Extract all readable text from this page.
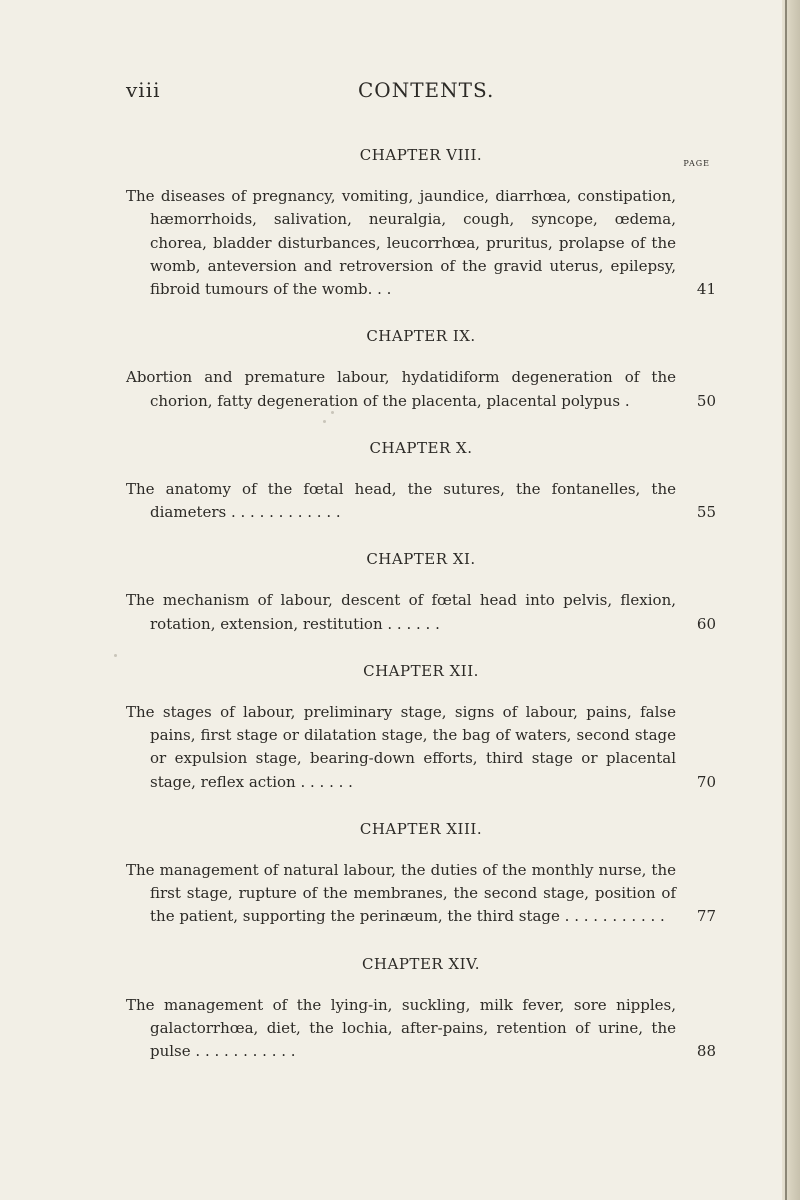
viii	CONTENTS.
PAGE
CHAPTER VIII.
The diseases of pregnancy, vomiting, jaundice, diarrhœa, constipation, hæmorrhoids, salivation, neuralgia, cough, syncope, œdema, chorea, bladder disturbances, leucorrhœa, pruritus, prolapse of the womb, anteversion and retroversion of the gravid uterus, epilepsy, fibroid tumours of the womb. . .	41
CHAPTER IX.
Abortion and premature labour, hydatidiform degeneration of the chorion, fatty degeneration of the placenta, placental polypus .	50
CHAPTER X.
The anatomy of the fœtal head, the sutures, the fontanelles, the diameters . . . . . . . . . . . .	55
CHAPTER XI.
The mechanism of labour, descent of fœtal head into pelvis, flexion, rotation, extension, restitution . . . . . .	60
CHAPTER XII.
The stages of labour, preliminary stage, signs of labour, pains, false pains, first stage or dilatation stage, the bag of waters, second stage or expulsion stage, bearing-down efforts, third stage or placental stage, reflex action . . . . . .	70
CHAPTER XIII.
The management of natural labour, the duties of the monthly nurse, the first stage, rupture of the membranes, the second stage, position of the patient, supporting the perinæum, the third stage . . . . . . . . . . .	77
CHAPTER XIV.
The management of the lying-in, suckling, milk fever, sore nipples, galactorrhœa, diet, the lochia, after-pains, retention of urine, the pulse . . . . . . . . . . .	88
